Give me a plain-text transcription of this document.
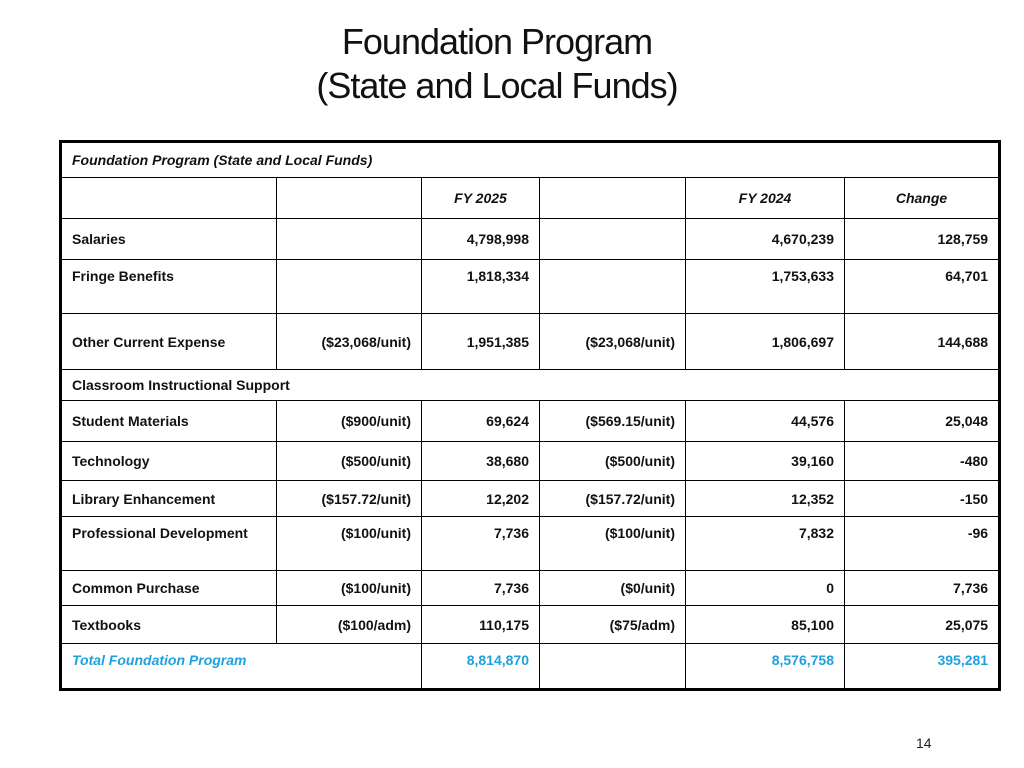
Foundation Program
(State and Local Funds)
Foundation Program (State and Local Funds)					
		FY 2025		FY 2024	Change
Salaries		4,798,998		4,670,239	128,759
Fringe Benefits		1,818,334		1,753,633	64,701
Other Current Expense	($23,068/unit)	1,951,385	($23,068/unit)	1,806,697	144,688
Classroom Instructional Support					
Student Materials	($900/unit)	69,624	($569.15/unit)	44,576	25,048
Technology	($500/unit)	38,680	($500/unit)	39,160	-480
Library Enhancement	($157.72/unit)	12,202	($157.72/unit)	12,352	-150
Professional Development	($100/unit)	7,736	($100/unit)	7,832	-96
Common Purchase	($100/unit)	7,736	($0/unit)	0	7,736
Textbooks	($100/adm)	110,175	($75/adm)	85,100	25,075
Total Foundation Program		8,814,870		8,576,758	395,281
14
